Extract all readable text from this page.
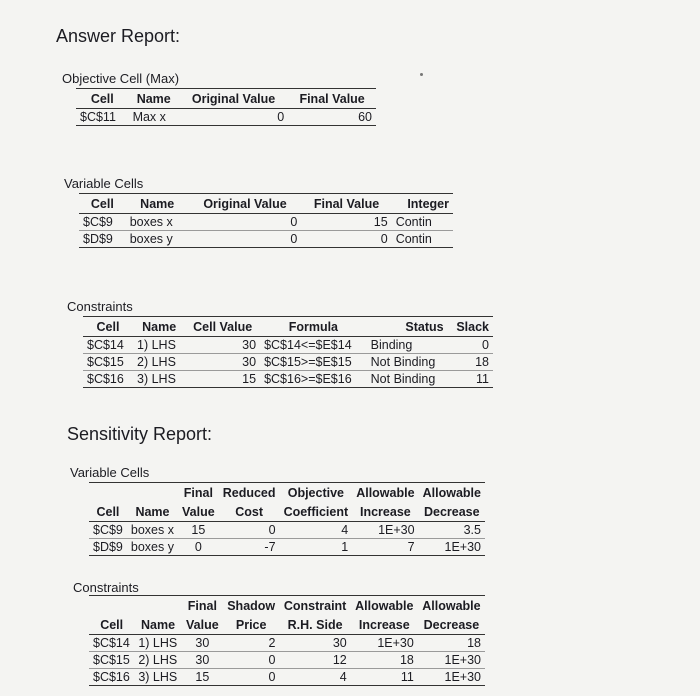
Answer Report:
Objective Cell (Max)
Cell	Name	Original Value	Final Value
$C$11	Max x	0	60
Variable Cells
Cell	Name	Original Value	Final Value	Integer
$C$9	boxes x	0	15	Contin
$D$9	boxes y	0	0	Contin
Constraints
Cell	Name	Cell Value	Formula	Status	Slack
$C$14	1) LHS	30	$C$14<=$E$14	Binding	0
$C$15	2) LHS	30	$C$15>=$E$15	Not Binding	18
$C$16	3) LHS	15	$C$16>=$E$16	Not Binding	11
Sensitivity Report:
Variable Cells
		Final	Reduced	Objective	Allowable	Allowable
Cell	Name	Value	Cost	Coefficient	Increase	Decrease
$C$9	boxes x	15	0	4	1E+30	3.5
$D$9	boxes y	0	-7	1	7	1E+30
Constraints
		Final	Shadow	Constraint	Allowable	Allowable
Cell	Name	Value	Price	R.H. Side	Increase	Decrease
$C$14	1) LHS	30	2	30	1E+30	18
$C$15	2) LHS	30	0	12	18	1E+30
$C$16	3) LHS	15	0	4	11	1E+30
